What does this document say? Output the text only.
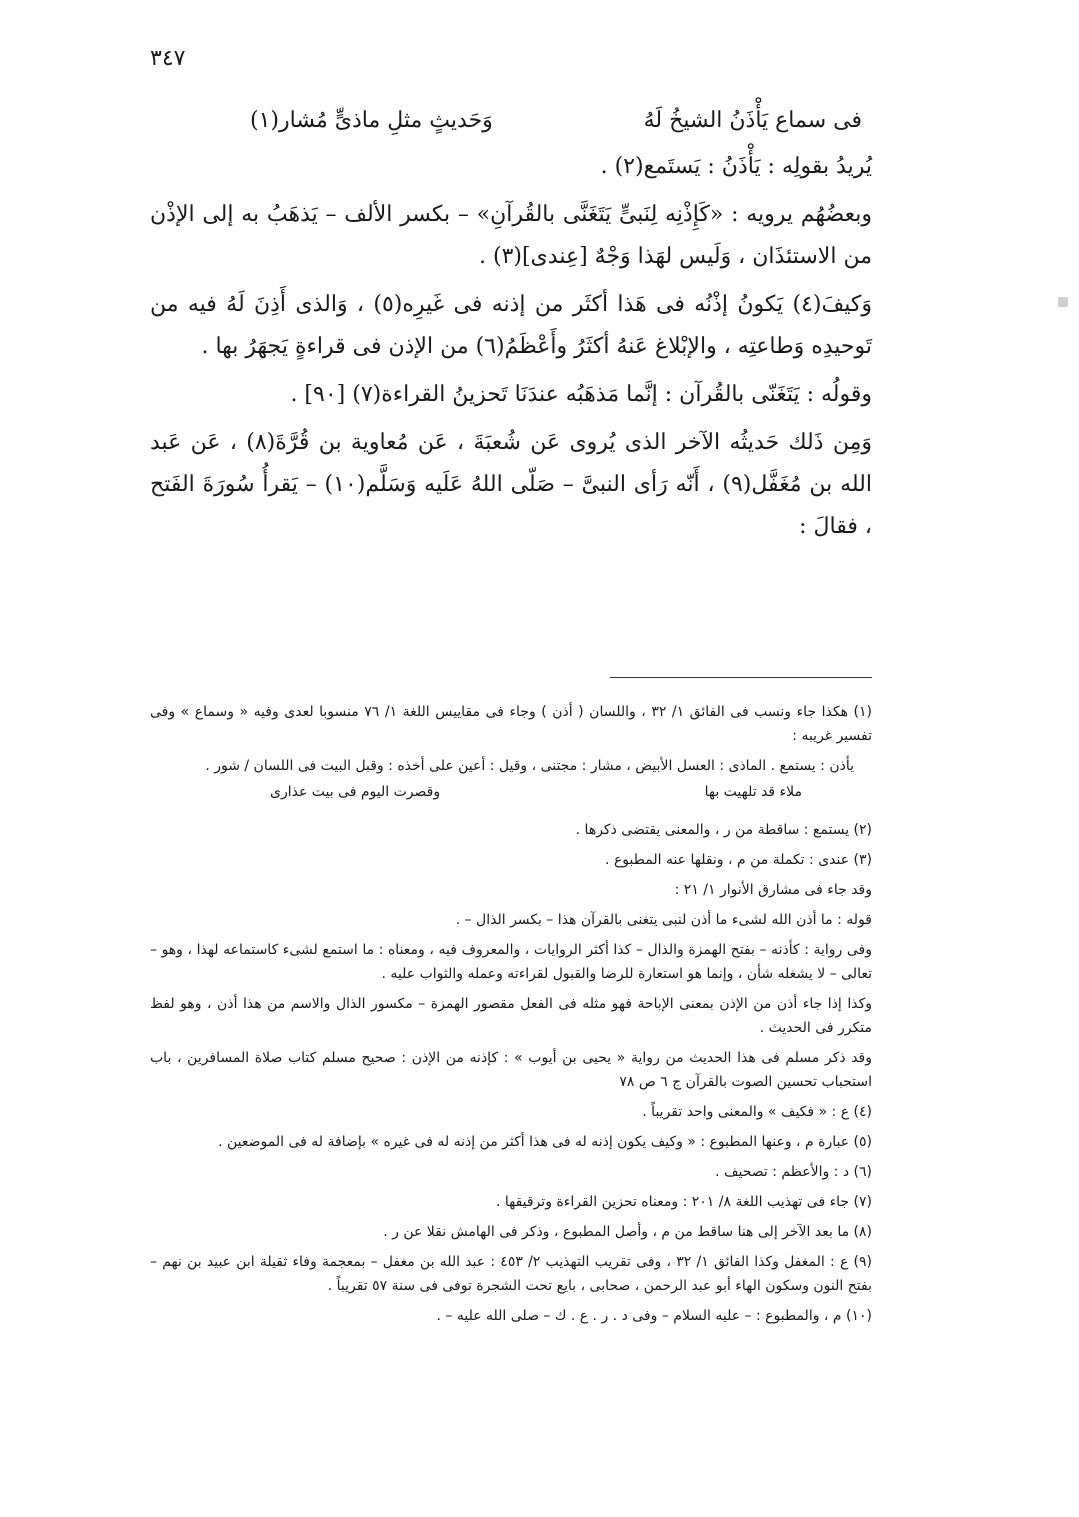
٣٤٧
فى سماع يَأْذَنُ الشيخُ لَهُ
وَحَديثٍ مثلِ ماذىٍّ مُشار(١)

يُريدُ بقولِه : يَأْذَنُ : يَستَمع(٢) .

وبعضُهُم يرويه : «كَإِذْنِه لِنَبىٍّ يَتَغَنَّى بالقُرآنِ» – بكسر الألف – يَذهَبُ به إلى الإذْن من الاستئذَان ، وَلَيس لهَذا وَجْهٌ [عِندى](٣) .

وَكيفَ(٤) يَكونُ إذْنُه فى هَذا أكثَر من إذنه فى غَيرِه(٥) ، وَالذى أَذِنَ لَهُ فيه من تَوحيدِه وَطاعتِه ، والإبْلاغ عَنهُ أكثَرُ وأَعْظَمُ(٦) من الإذن فى قراءةٍ يَجهَرُ بها .

وقولُه : يَتَغَنّى بالقُرآن : إنَّما مَذهَبُه عندَنَا تَحزينُ القراءة(٧) [٩٠] .

وَمِن ذَلك حَديثُه الآخر الذى يُروى عَن شُعبَةَ ، عَن مُعاوية بن قُرَّةَ(٨) ، عَن عَبد الله بن مُغَفَّل(٩) ، أَنّه رَأى النبىَّ – صَلّى اللهُ عَلَيه وَسَلَّم(١٠) – يَقرأُ سُورَةَ الفَتح ، فقالَ :

(١) هكذا جاء ونسب فى الفائق ١/ ٣٢ ، واللسان ( أذن ) وجاء فى مقاييس اللغة ١/ ٧٦ منسوبا لعدى وفيه « وسماع » وفى تفسير غريبه :

يأذن : يستمع . الماذى : العسل الأبيض ، مشار : مجتنى ، وقيل : أعين على أخذه : وقبل البيت فى اللسان / شور .

ملاء قد تلهيت بها
وقصرت اليوم فى بيت عذارى

(٢) يستمع : ساقطة من ر ، والمعنى يقتضى ذكرها .

(٣) عندى : تكملة من م ، ونقلها عنه المطبوع .

وقد جاء فى مشارق الأنوار ١/ ٢١ :

قوله : ما أذن الله لشىء ما أذن لنبى يتغنى بالقرآن هذا – بكسر الذال – .

وفى رواية : كأذنه – بفتح الهمزة والذال – كذا أكثر الروايات ، والمعروف فيه ، ومعناه : ما استمع لشىء كاستماعه لهذا ، وهو – تعالى – لا يشغله شأن ، وإنما هو استعارة للرضا والقبول لقراءته وعمله والثواب عليه .

وكذا إذا جاء أذن من الإذن بمعنى الإباحة فهو مثله فى الفعل مقصور الهمزة – مكسور الذال والاسم من هذا أذن ، وهو لفظ متكرر فى الحديث .

وقد ذكر مسلم فى هذا الحديث من رواية « يحيى بن أيوب » : كإذنه من الإذن : صحيح مسلم كتاب صلاة المسافرين ، باب استحباب تحسين الصوت بالقرآن ج ٦ ص ٧٨

(٤) ع : « فكيف » والمعنى واحد تقريباً .

(٥) عبارة م ، وعنها المطبوع : « وكيف يكون إذنه له فى هذا أكثر من إذنه له فى غيره » بإضافة له فى الموضعين .

(٦) د : والأعظم : تصحيف .

(٧) جاء فى تهذيب اللغة ٨/ ٢٠١ : ومعناه تحزين القراءة وترقيقها .

(٨) ما بعد الآخر إلى هنا ساقط من م ، وأصل المطبوع ، وذكر فى الهامش نقلا عن ر .

(٩) ع : المغفل وكذا الفائق ١/ ٣٢ ، وفى تقريب التهذيب ٢/ ٤٥٣ : عبد الله بن مغفل – بمعجمة وفاء ثقيلة ابن عبيد بن نهم – بفتح النون وسكون الهاء أبو عبد الرحمن ، صحابى ، بايع تحت الشجرة توفى فى سنة ٥٧ تقريباً .

(١٠) م ، والمطبوع : – عليه السلام – وفى د . ر . ع . ك – صلى الله عليه – .
